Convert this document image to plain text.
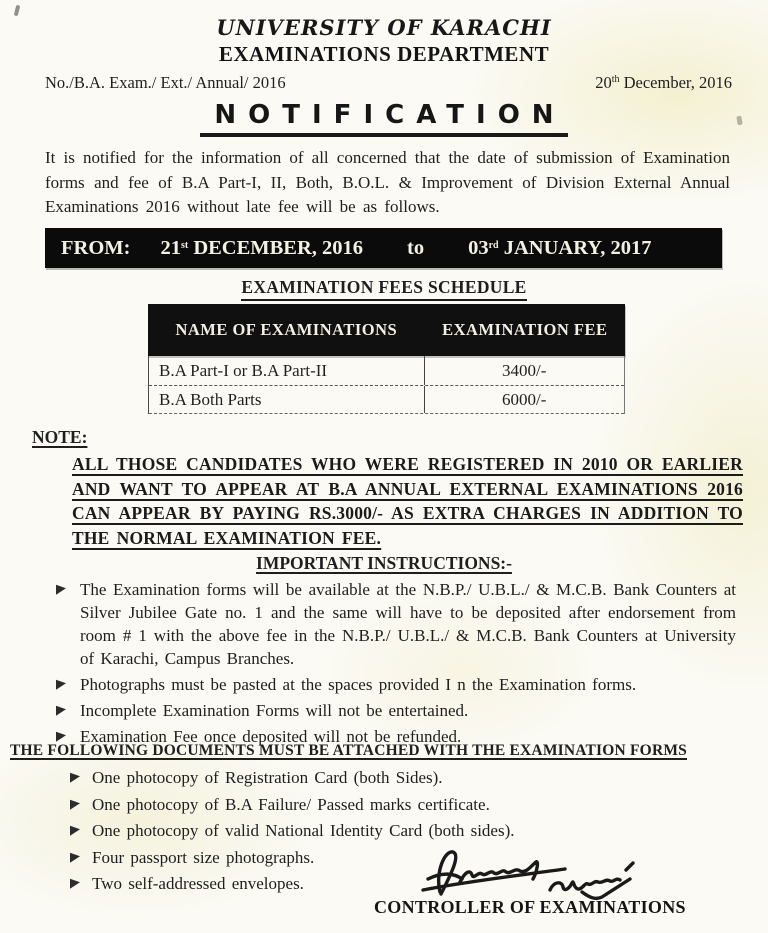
UNIVERSITY OF KARACHI
EXAMINATIONS DEPARTMENT
No./B.A. Exam./ Ext./ Annual/ 2016	20th December, 2016
NOTIFICATION
It is notified for the information of all concerned that the date of submission of Examination forms and fee of B.A Part-I, II, Both, B.O.L. & Improvement of Division External Annual Examinations 2016 without late fee will be as follows.
FROM: 21st DECEMBER, 2016 to 03rd JANUARY, 2017
EXAMINATION FEES SCHEDULE
NAME OF EXAMINATIONS	EXAMINATION FEE
B.A Part-I or B.A Part-II	3400/-
B.A Both Parts	6000/-
NOTE:
ALL THOSE CANDIDATES WHO WERE REGISTERED IN 2010 OR EARLIER AND WANT TO APPEAR AT B.A ANNUAL EXTERNAL EXAMINATIONS 2016 CAN APPEAR BY PAYING RS.3000/- AS EXTRA CHARGES IN ADDITION TO THE NORMAL EXAMINATION FEE.
IMPORTANT INSTRUCTIONS:-
The Examination forms will be available at the N.B.P./ U.B.L./ & M.C.B. Bank Counters at Silver Jubilee Gate no. 1 and the same will have to be deposited after endorsement from room # 1 with the above fee in the N.B.P./ U.B.L./ & M.C.B. Bank Counters at University of Karachi, Campus Branches.
Photographs must be pasted at the spaces provided I n the Examination forms.
Incomplete Examination Forms will not be entertained.
Examination Fee once deposited will not be refunded.
THE FOLLOWING DOCUMENTS MUST BE ATTACHED WITH THE EXAMINATION FORMS
One photocopy of Registration Card (both Sides).
One photocopy of B.A Failure/ Passed marks certificate.
One photocopy of valid National Identity Card (both sides).
Four passport size photographs.
Two self-addressed envelopes.
CONTROLLER OF EXAMINATIONS
